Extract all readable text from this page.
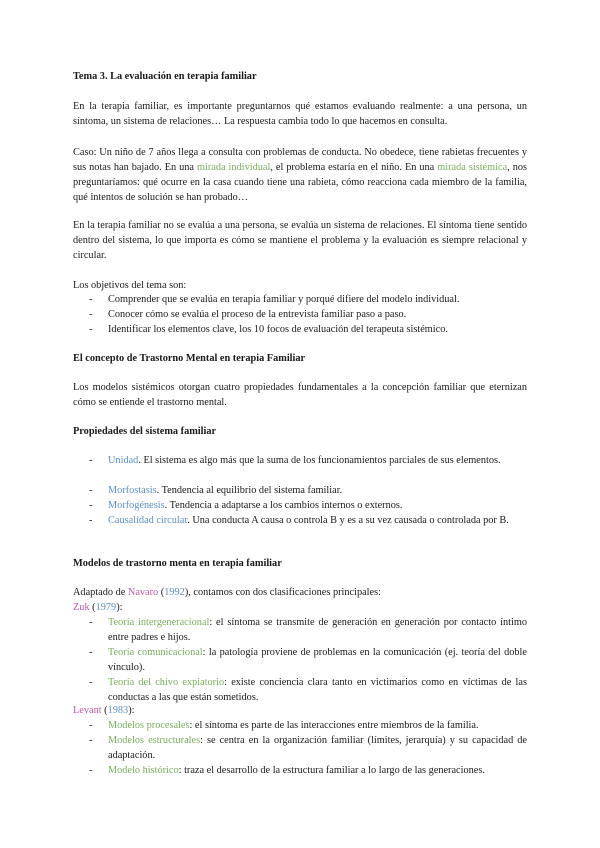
Tema 3. La evaluación en terapia familiar

En la terapia familiar, es importante preguntarnos qué estamos evaluando realmente: a una persona, un síntoma, un sistema de relaciones… La respuesta cambia todo lo que hacemos en consulta.

Caso: Un niño de 7 años llega a consulta con problemas de conducta. No obedece, tiene rabietas frecuentes y sus notas han bajado. En una mirada individual, el problema estaría en el niño. En una mirada sistémica, nos preguntaríamos: qué ocurre en la casa cuando tiene una rabieta, cómo reacciona cada miembro de la familia, qué intentos de solución se han probado…

En la terapia familiar no se evalúa a una persona, se evalúa un sistema de relaciones. El síntoma tiene sentido dentro del sistema, lo que importa es cómo se mantiene el problema y la evaluación es siempre relacional y circular.

Los objetivos del tema son:

- Comprender que se evalúa en terapia familiar y porqué difiere del modelo individual.
- Conocer cómo se evalúa el proceso de la entrevista familiar paso a paso.
- Identificar los elementos clave, los 10 focos de evaluación del terapeuta sistémico.

El concepto de Trastorno Mental en terapia Familiar

Los modelos sistémicos otorgan cuatro propiedades fundamentales a la concepción familiar que eternizan cómo se entiende el trastorno mental.

Propiedades del sistema familiar

- Unidad. El sistema es algo más que la suma de los funcionamientos parciales de sus elementos.
- Morfostasis. Tendencia al equilibrio del sistema familiar.
- Morfogénesis. Tendencia a adaptarse a los cambios internos o externos.
- Causalidad circular. Una conducta A causa o controla B y es a su vez causada o controlada por B.

Modelos de trastorno menta en terapia familiar

Adaptado de Navaro (1992), contamos con dos clasificaciones principales:

Zuk (1979):

- Teoría intergeneracional: el síntoma se transmite de generación en generación por contacto íntimo entre padres e hijos.
- Teoría comunicacional: la patología proviene de problemas en la comunicación (ej. teoría del doble vínculo).
- Teoría del chivo expiatorio: existe conciencia clara tanto en victimarios como en víctimas de las conductas a las que están sometidos.

Levant (1983):

- Modelos procesales: el síntoma es parte de las interacciones entre miembros de la familia.
- Modelos estructurales: se centra en la organización familiar (límites, jerarquía) y su capacidad de adaptación.
- Modelo histórico: traza el desarrollo de la estructura familiar a lo largo de las generaciones.
